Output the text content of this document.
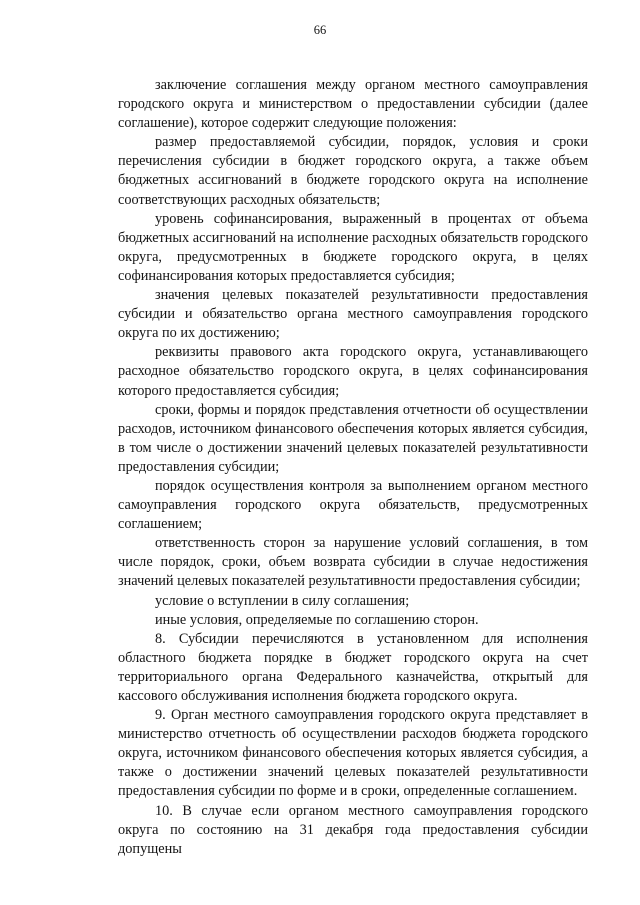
66

заключение соглашения между органом местного самоуправления городского округа и министерством о предоставлении субсидии (далее соглашение), которое содержит следующие положения:

размер предоставляемой субсидии, порядок, условия и сроки перечисления субсидии в бюджет городского округа, а также объем бюджетных ассигнований в бюджете городского округа на исполнение соответствующих расходных обязательств;

уровень софинансирования, выраженный в процентах от объема бюджетных ассигнований на исполнение расходных обязательств городского округа, предусмотренных в бюджете городского округа, в целях софинансирования которых предоставляется субсидия;

значения целевых показателей результативности предоставления субсидии и обязательство органа местного самоуправления городского округа по их достижению;

реквизиты правового акта городского округа, устанавливающего расходное обязательство городского округа, в целях софинансирования которого предоставляется субсидия;

сроки, формы и порядок представления отчетности об осуществлении расходов, источником финансового обеспечения которых является субсидия, в том числе о достижении значений целевых показателей результативности предоставления субсидии;

порядок осуществления контроля за выполнением органом местного самоуправления городского округа обязательств, предусмотренных соглашением;

ответственность сторон за нарушение условий соглашения, в том числе порядок, сроки, объем возврата субсидии в случае недостижения значений целевых показателей результативности предоставления субсидии;

условие о вступлении в силу соглашения;

иные условия, определяемые по соглашению сторон.

8. Субсидии перечисляются в установленном для исполнения областного бюджета порядке в бюджет городского округа на счет территориального органа Федерального казначейства, открытый для кассового обслуживания исполнения бюджета городского округа.

9. Орган местного самоуправления городского округа представляет в министерство отчетность об осуществлении расходов бюджета городского округа, источником финансового обеспечения которых является субсидия, а также о достижении значений целевых показателей результативности предоставления субсидии по форме и в сроки, определенные соглашением.

10. В случае если органом местного самоуправления городского округа по состоянию на 31 декабря года предоставления субсидии допущены
